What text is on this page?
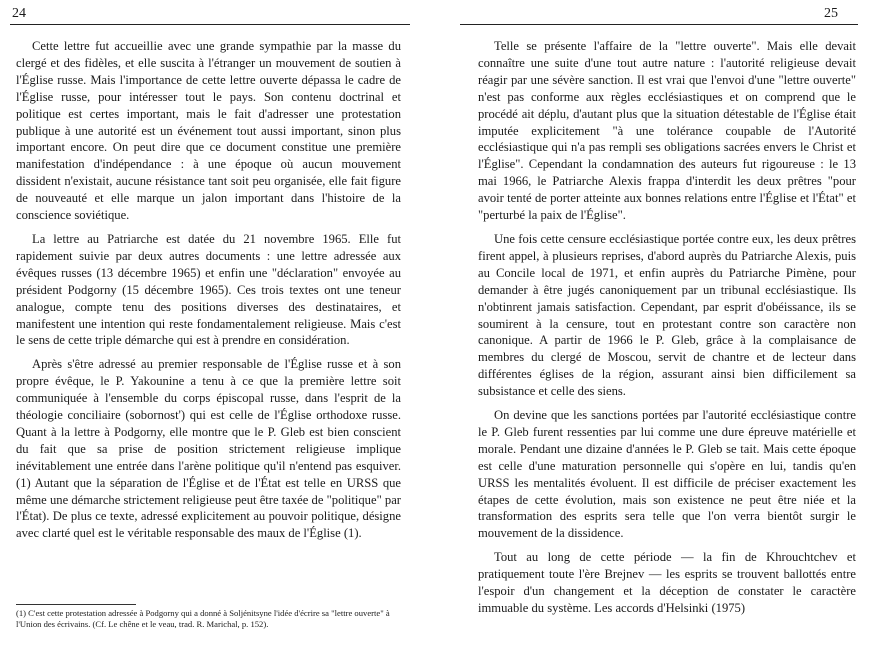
24

Cette lettre fut accueillie avec une grande sympathie par la masse du clergé et des fidèles, et elle suscita à l'étranger un mouvement de soutien à l'Église russe. Mais l'importance de cette lettre ouverte dépassa le cadre de l'Église russe, pour intéresser tout le pays. Son contenu doctrinal et politique est certes important, mais le fait d'adresser une protestation publique à une autorité est un événement tout aussi important, sinon plus important encore. On peut dire que ce document constitue une première manifestation d'indépendance : à une époque où aucun mouvement dissident n'existait, aucune résistance tant soit peu organisée, elle fait figure de nouveauté et elle marque un jalon important dans l'histoire de la conscience soviétique.

La lettre au Patriarche est datée du 21 novembre 1965. Elle fut rapidement suivie par deux autres documents : une lettre adressée aux évêques russes (13 décembre 1965) et enfin une "déclaration" envoyée au président Podgorny (15 décembre 1965). Ces trois textes ont une teneur analogue, compte tenu des positions diverses des destinataires, et manifestent une intention qui reste fondamentalement religieuse. Mais c'est le sens de cette triple démarche qui est à prendre en considération.

Après s'être adressé au premier responsable de l'Église russe et à son propre évêque, le P. Yakounine a tenu à ce que la première lettre soit communiquée à l'ensemble du corps épiscopal russe, dans l'esprit de la théologie conciliaire (sobornost') qui est celle de l'Église orthodoxe russe. Quant à la lettre à Podgorny, elle montre que le P. Gleb est bien conscient du fait que sa prise de position strictement religieuse implique inévitablement une entrée dans l'arène politique qu'il n'entend pas esquiver. (1) Autant que la séparation de l'Église et de l'État est telle en URSS que même une démarche strictement religieuse peut être taxée de "politique" par l'État). De plus ce texte, adressé explicitement au pouvoir politique, désigne avec clarté quel est le véritable responsable des maux de l'Église (1).

(1) C'est cette protestation adressée à Podgorny qui a donné à Soljénitsyne l'idée d'écrire sa "lettre ouverte" à l'Union des écrivains. (Cf. Le chêne et le veau, trad. R. Marichal, p. 152).
25

Telle se présente l'affaire de la "lettre ouverte". Mais elle devait connaître une suite d'une tout autre nature : l'autorité religieuse devait réagir par une sévère sanction. Il est vrai que l'envoi d'une "lettre ouverte" n'est pas conforme aux règles ecclésiastiques et on comprend que le procédé ait déplu, d'autant plus que la situation détestable de l'Église était imputée explicitement "à une tolérance coupable de l'Autorité ecclésiastique qui n'a pas rempli ses obligations sacrées envers le Christ et l'Église". Cependant la condamnation des auteurs fut rigoureuse : le 13 mai 1966, le Patriarche Alexis frappa d'interdit les deux prêtres "pour avoir tenté de porter atteinte aux bonnes relations entre l'Église et l'État" et "perturbé la paix de l'Église".

Une fois cette censure ecclésiastique portée contre eux, les deux prêtres firent appel, à plusieurs reprises, d'abord auprès du Patriarche Alexis, puis au Concile local de 1971, et enfin auprès du Patriarche Pimène, pour demander à être jugés canoniquement par un tribunal ecclésiastique. Ils n'obtinrent jamais satisfaction. Cependant, par esprit d'obéissance, ils se soumirent à la censure, tout en protestant contre son caractère non canonique. A partir de 1966 le P. Gleb, grâce à la complaisance de membres du clergé de Moscou, servit de chantre et de lecteur dans différentes églises de la région, assurant ainsi bien difficilement sa subsistance et celle des siens.

On devine que les sanctions portées par l'autorité ecclésiastique contre le P. Gleb furent ressenties par lui comme une dure épreuve matérielle et morale. Pendant une dizaine d'années le P. Gleb se tait. Mais cette époque est celle d'une maturation personnelle qui s'opère en lui, tandis qu'en URSS les mentalités évoluent. Il est difficile de préciser exactement les étapes de cette évolution, mais son existence ne peut être niée et la transformation des esprits sera telle que l'on verra bientôt surgir le mouvement de la dissidence.

Tout au long de cette période — la fin de Khrouchtchev et pratiquement toute l'ère Brejnev — les esprits se trouvent ballottés entre l'espoir d'un changement et la déception de constater le caractère immuable du système. Les accords d'Helsinki (1975)
